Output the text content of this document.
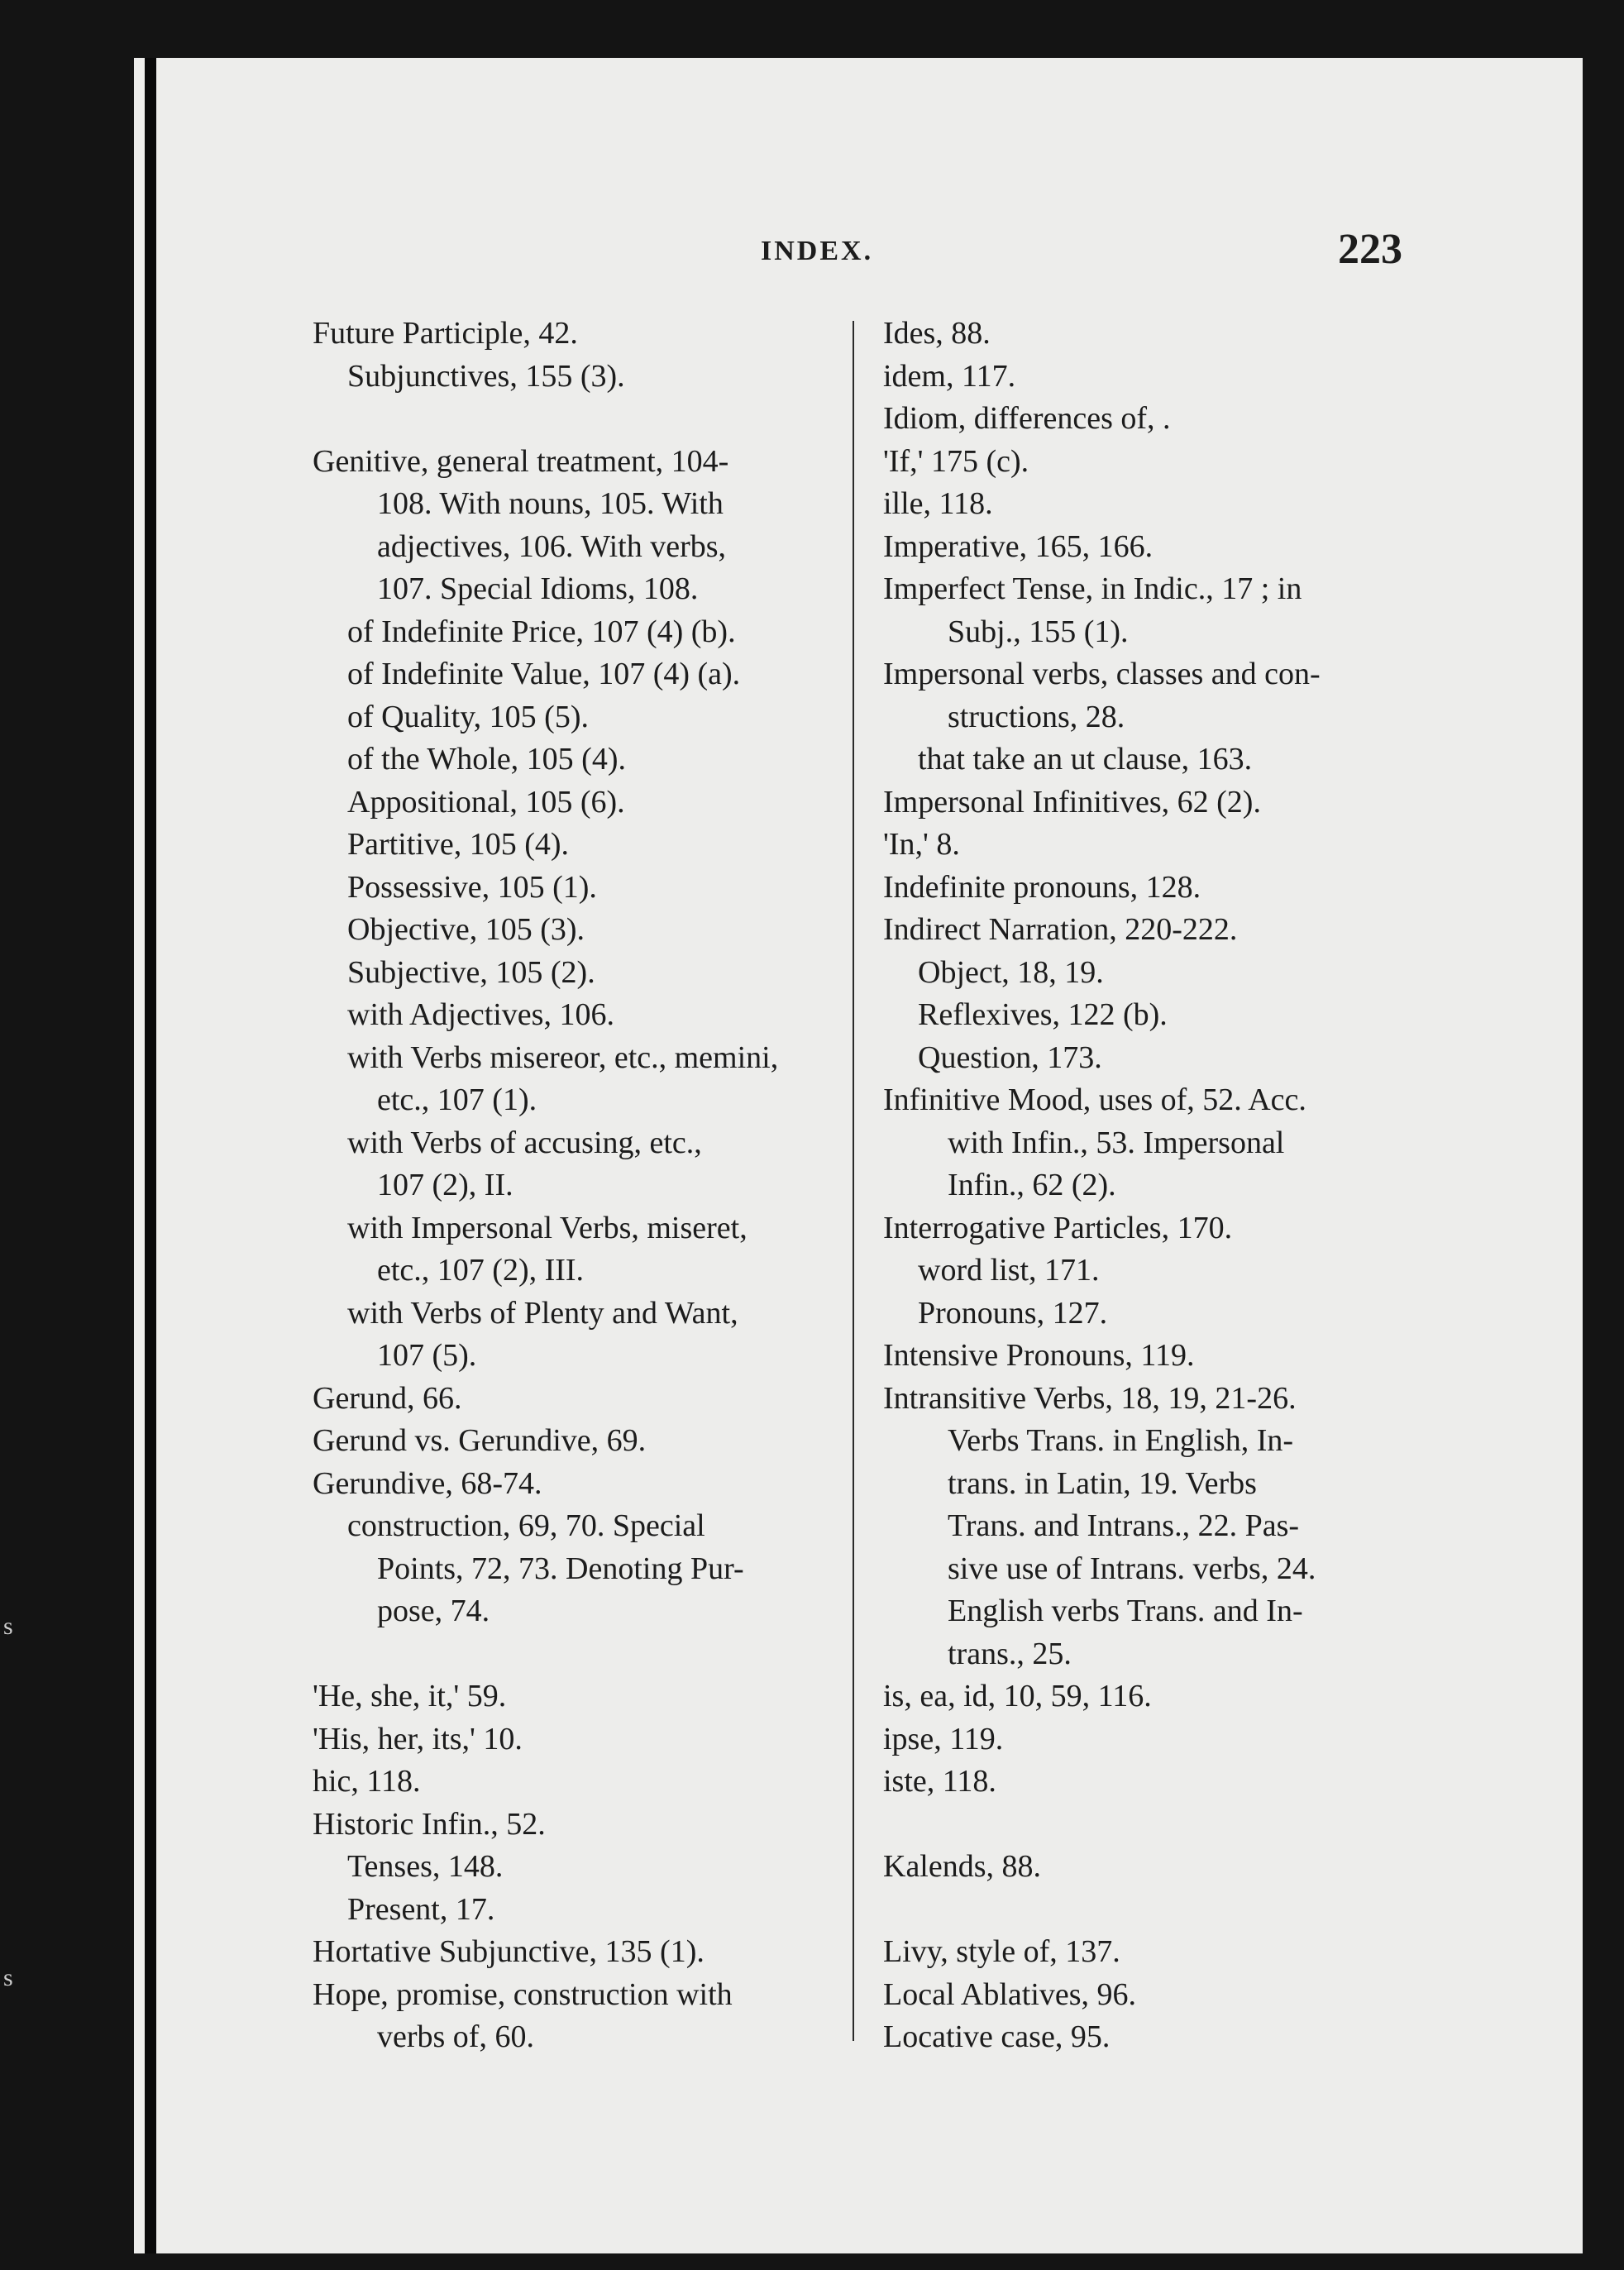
INDEX.	223
Future Participle, 42.
Subjunctives, 155 (3).
Genitive, general treatment, 104-
108. With nouns, 105. With
adjectives, 106. With verbs,
107. Special Idioms, 108.
of Indefinite Price, 107 (4) (b).
of Indefinite Value, 107 (4) (a).
of Quality, 105 (5).
of the Whole, 105 (4).
Appositional, 105 (6).
Partitive, 105 (4).
Possessive, 105 (1).
Objective, 105 (3).
Subjective, 105 (2).
with Adjectives, 106.
with Verbs misereor, etc., memini,
etc., 107 (1).
with Verbs of accusing, etc.,
107 (2), II.
with Impersonal Verbs, miseret,
etc., 107 (2), III.
with Verbs of Plenty and Want,
107 (5).
Gerund, 66.
Gerund vs. Gerundive, 69.
Gerundive, 68-74.
construction, 69, 70. Special
Points, 72, 73. Denoting Pur-
pose, 74.
'He, she, it,' 59.
'His, her, its,' 10.
hic, 118.
Historic Infin., 52.
Tenses, 148.
Present, 17.
Hortative Subjunctive, 135 (1).
Hope, promise, construction with
verbs of, 60.
Ides, 88.
idem, 117.
Idiom, differences of, .
'If,' 175 (c).
ille, 118.
Imperative, 165, 166.
Imperfect Tense, in Indic., 17 ; in
Subj., 155 (1).
Impersonal verbs, classes and con-
structions, 28.
that take an ut clause, 163.
Impersonal Infinitives, 62 (2).
'In,' 8.
Indefinite pronouns, 128.
Indirect Narration, 220-222.
Object, 18, 19.
Reflexives, 122 (b).
Question, 173.
Infinitive Mood, uses of, 52. Acc.
with Infin., 53. Impersonal
Infin., 62 (2).
Interrogative Particles, 170.
word list, 171.
Pronouns, 127.
Intensive Pronouns, 119.
Intransitive Verbs, 18, 19, 21-26.
Verbs Trans. in English, In-
trans. in Latin, 19. Verbs
Trans. and Intrans., 22. Pas-
sive use of Intrans. verbs, 24.
English verbs Trans. and In-
trans., 25.
is, ea, id, 10, 59, 116.
ipse, 119.
iste, 118.
Kalends, 88.
Livy, style of, 137.
Local Ablatives, 96.
Locative case, 95.
s
s
